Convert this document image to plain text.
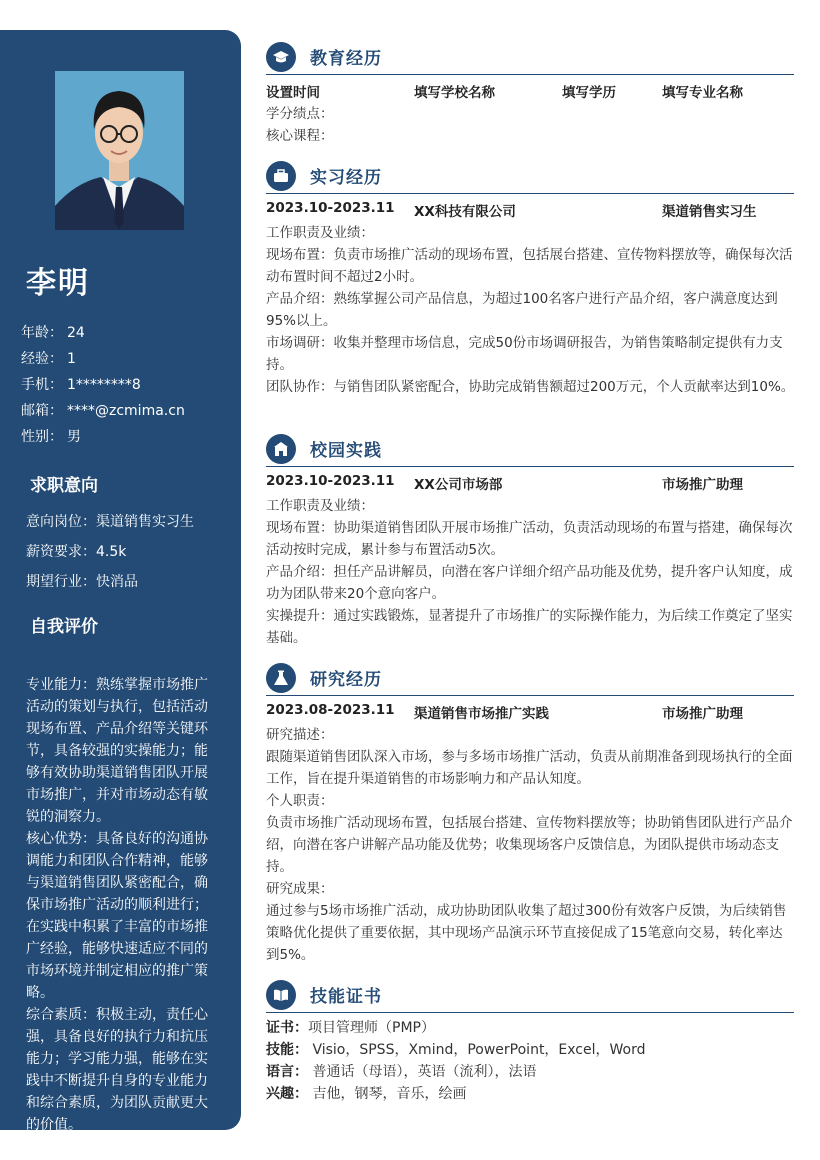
李明
年龄： 24
经验： 1
手机： 1********8
邮箱： ****@zcmima.cn
性别： 男
求职意向
意向岗位：渠道销售实习生
薪资要求：4.5k
期望行业：快消品
自我评价

专业能力：熟练掌握市场推广活动的策划与执行，包括活动现场布置、产品介绍等关键环节，具备较强的实操能力；能够有效协助渠道销售团队开展市场推广，并对市场动态有敏锐的洞察力。

核心优势：具备良好的沟通协调能力和团队合作精神，能够与渠道销售团队紧密配合，确保市场推广活动的顺利进行；在实践中积累了丰富的市场推广经验，能够快速适应不同的市场环境并制定相应的推广策略。

综合素质：积极主动，责任心强，具备良好的执行力和抗压能力；学习能力强，能够在实践中不断提升自身的专业能力和综合素质，为团队贡献更大的价值。

教育经历
设置时间	填写学校名称	填写学历	填写专业名称

学分绩点：

核心课程：

实习经历
2023.10-2023.11 XX科技有限公司	渠道销售实习生

工作职责及业绩：

现场布置：负责市场推广活动的现场布置，包括展台搭建、宣传物料摆放等，确保每次活动布置时间不超过2小时。

产品介绍：熟练掌握公司产品信息，为超过100名客户进行产品介绍，客户满意度达到95%以上。

市场调研：收集并整理市场信息，完成50份市场调研报告，为销售策略制定提供有力支持。

团队协作：与销售团队紧密配合，协助完成销售额超过200万元，个人贡献率达到10%。

校园实践
2023.10-2023.11 XX公司市场部	市场推广助理

工作职责及业绩：

现场布置：协助渠道销售团队开展市场推广活动，负责活动现场的布置与搭建，确保每次活动按时完成，累计参与布置活动5次。

产品介绍：担任产品讲解员，向潜在客户详细介绍产品功能及优势，提升客户认知度，成功为团队带来20个意向客户。

实操提升：通过实践锻炼，显著提升了市场推广的实际操作能力，为后续工作奠定了坚实基础。

研究经历
2023.08-2023.11 渠道销售市场推广实践	市场推广助理

研究描述：

跟随渠道销售团队深入市场，参与多场市场推广活动，负责从前期准备到现场执行的全面工作，旨在提升渠道销售的市场影响力和产品认知度。

个人职责：

负责市场推广活动现场布置，包括展台搭建、宣传物料摆放等；协助销售团队进行产品介绍，向潜在客户讲解产品功能及优势；收集现场客户反馈信息，为团队提供市场动态支持。

研究成果：

通过参与5场市场推广活动，成功协助团队收集了超过300份有效客户反馈，为后续销售策略优化提供了重要依据，其中现场产品演示环节直接促成了15笔意向交易，转化率达到5%。

技能证书
证书：项目管理师（PMP）
技能： Visio，SPSS，Xmind，PowerPoint，Excel，Word
语言： 普通话（母语），英语（流利），法语
兴趣： 吉他，钢琴，音乐，绘画
